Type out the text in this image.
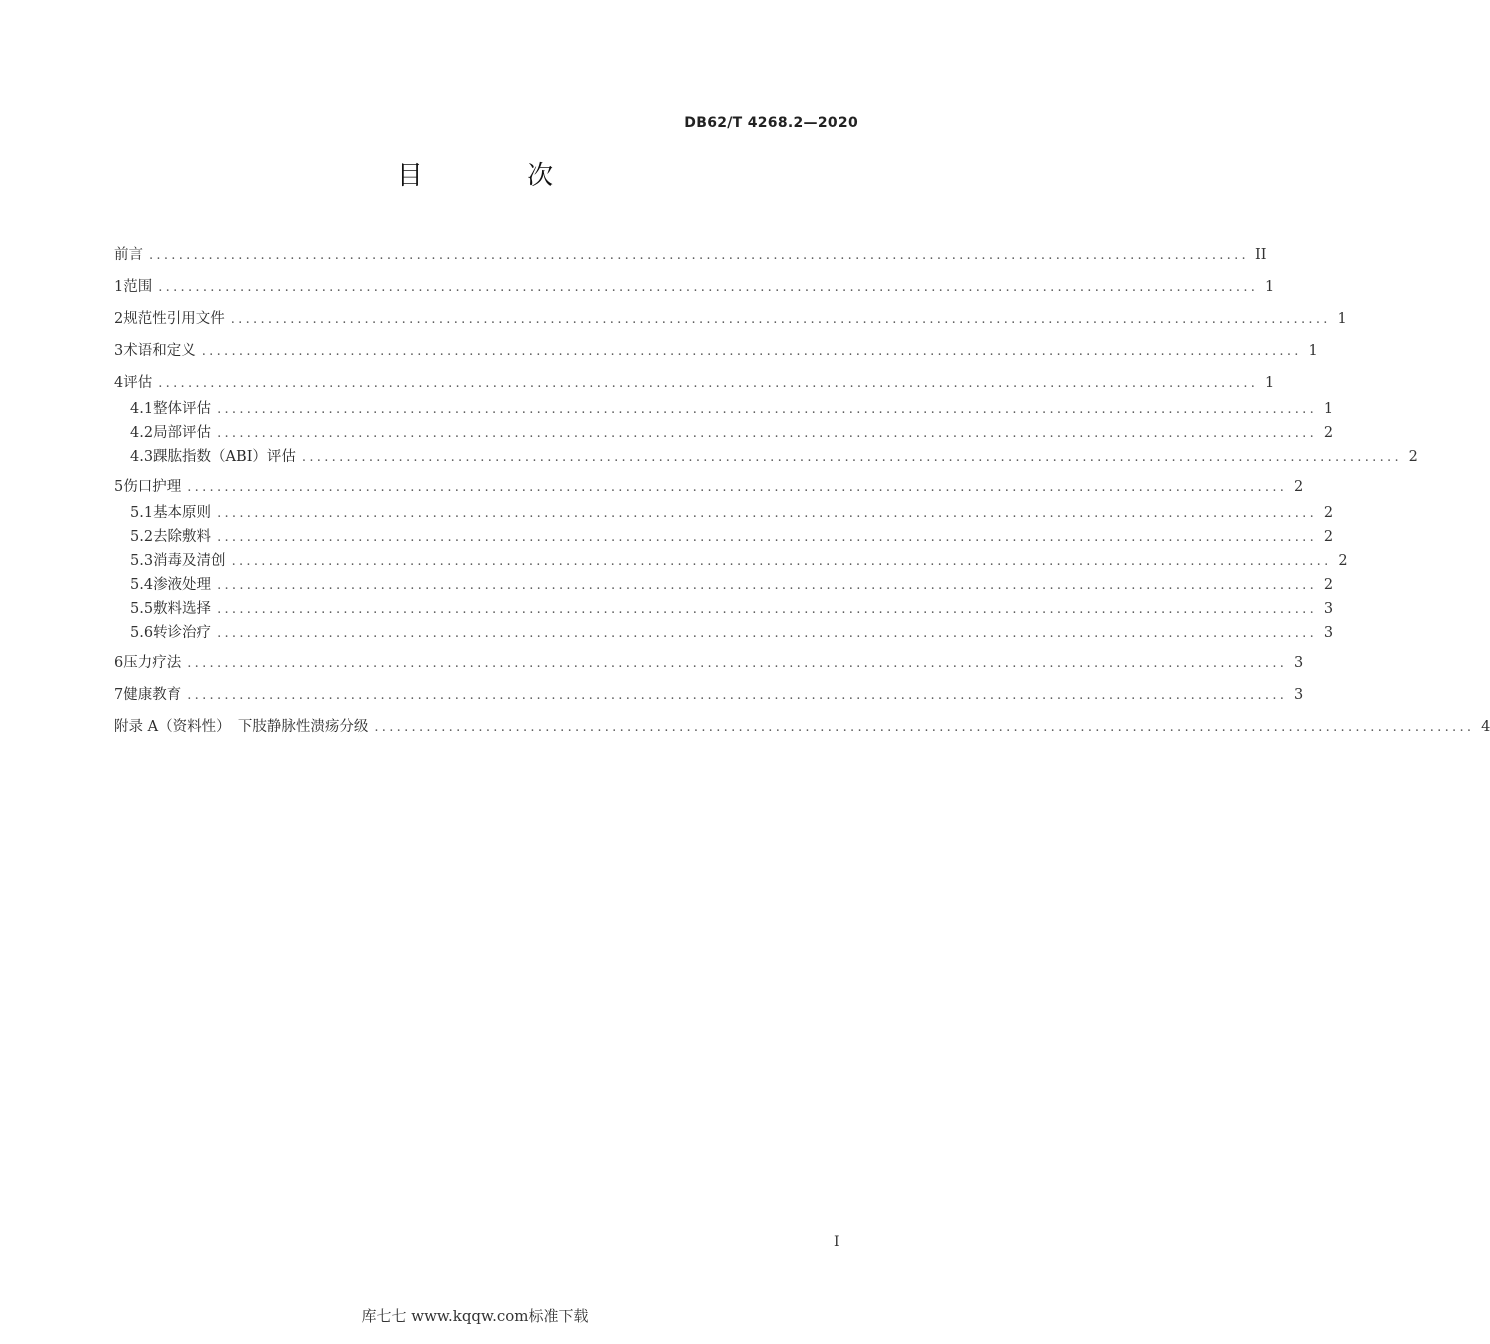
DB62/T 4268.2—2020
目 次
前言 .................................................................................................................................................... II
1 范围 .................................................................................................................................................... 1
2 规范性引用文件 .................................................................................................................................................... 1
3 术语和定义 .................................................................................................................................................... 1
4 评估 .................................................................................................................................................... 1
4.1 整体评估 .................................................................................................................................................... 1
4.2 局部评估 .................................................................................................................................................... 2
4.3 踝肱指数（ABI）评估 .................................................................................................................................................... 2
5 伤口护理 .................................................................................................................................................... 2
5.1 基本原则 .................................................................................................................................................... 2
5.2 去除敷料 .................................................................................................................................................... 2
5.3 消毒及清创 .................................................................................................................................................... 2
5.4 渗液处理 .................................................................................................................................................... 2
5.5 敷料选择 .................................................................................................................................................... 3
5.6 转诊治疗 .................................................................................................................................................... 3
6 压力疗法 .................................................................................................................................................... 3
7 健康教育 .................................................................................................................................................... 3
附录 A（资料性）　下肢静脉性溃疡分级 .................................................................................................................................................... 4
I
库七七 www.kqqw.com标准下载
